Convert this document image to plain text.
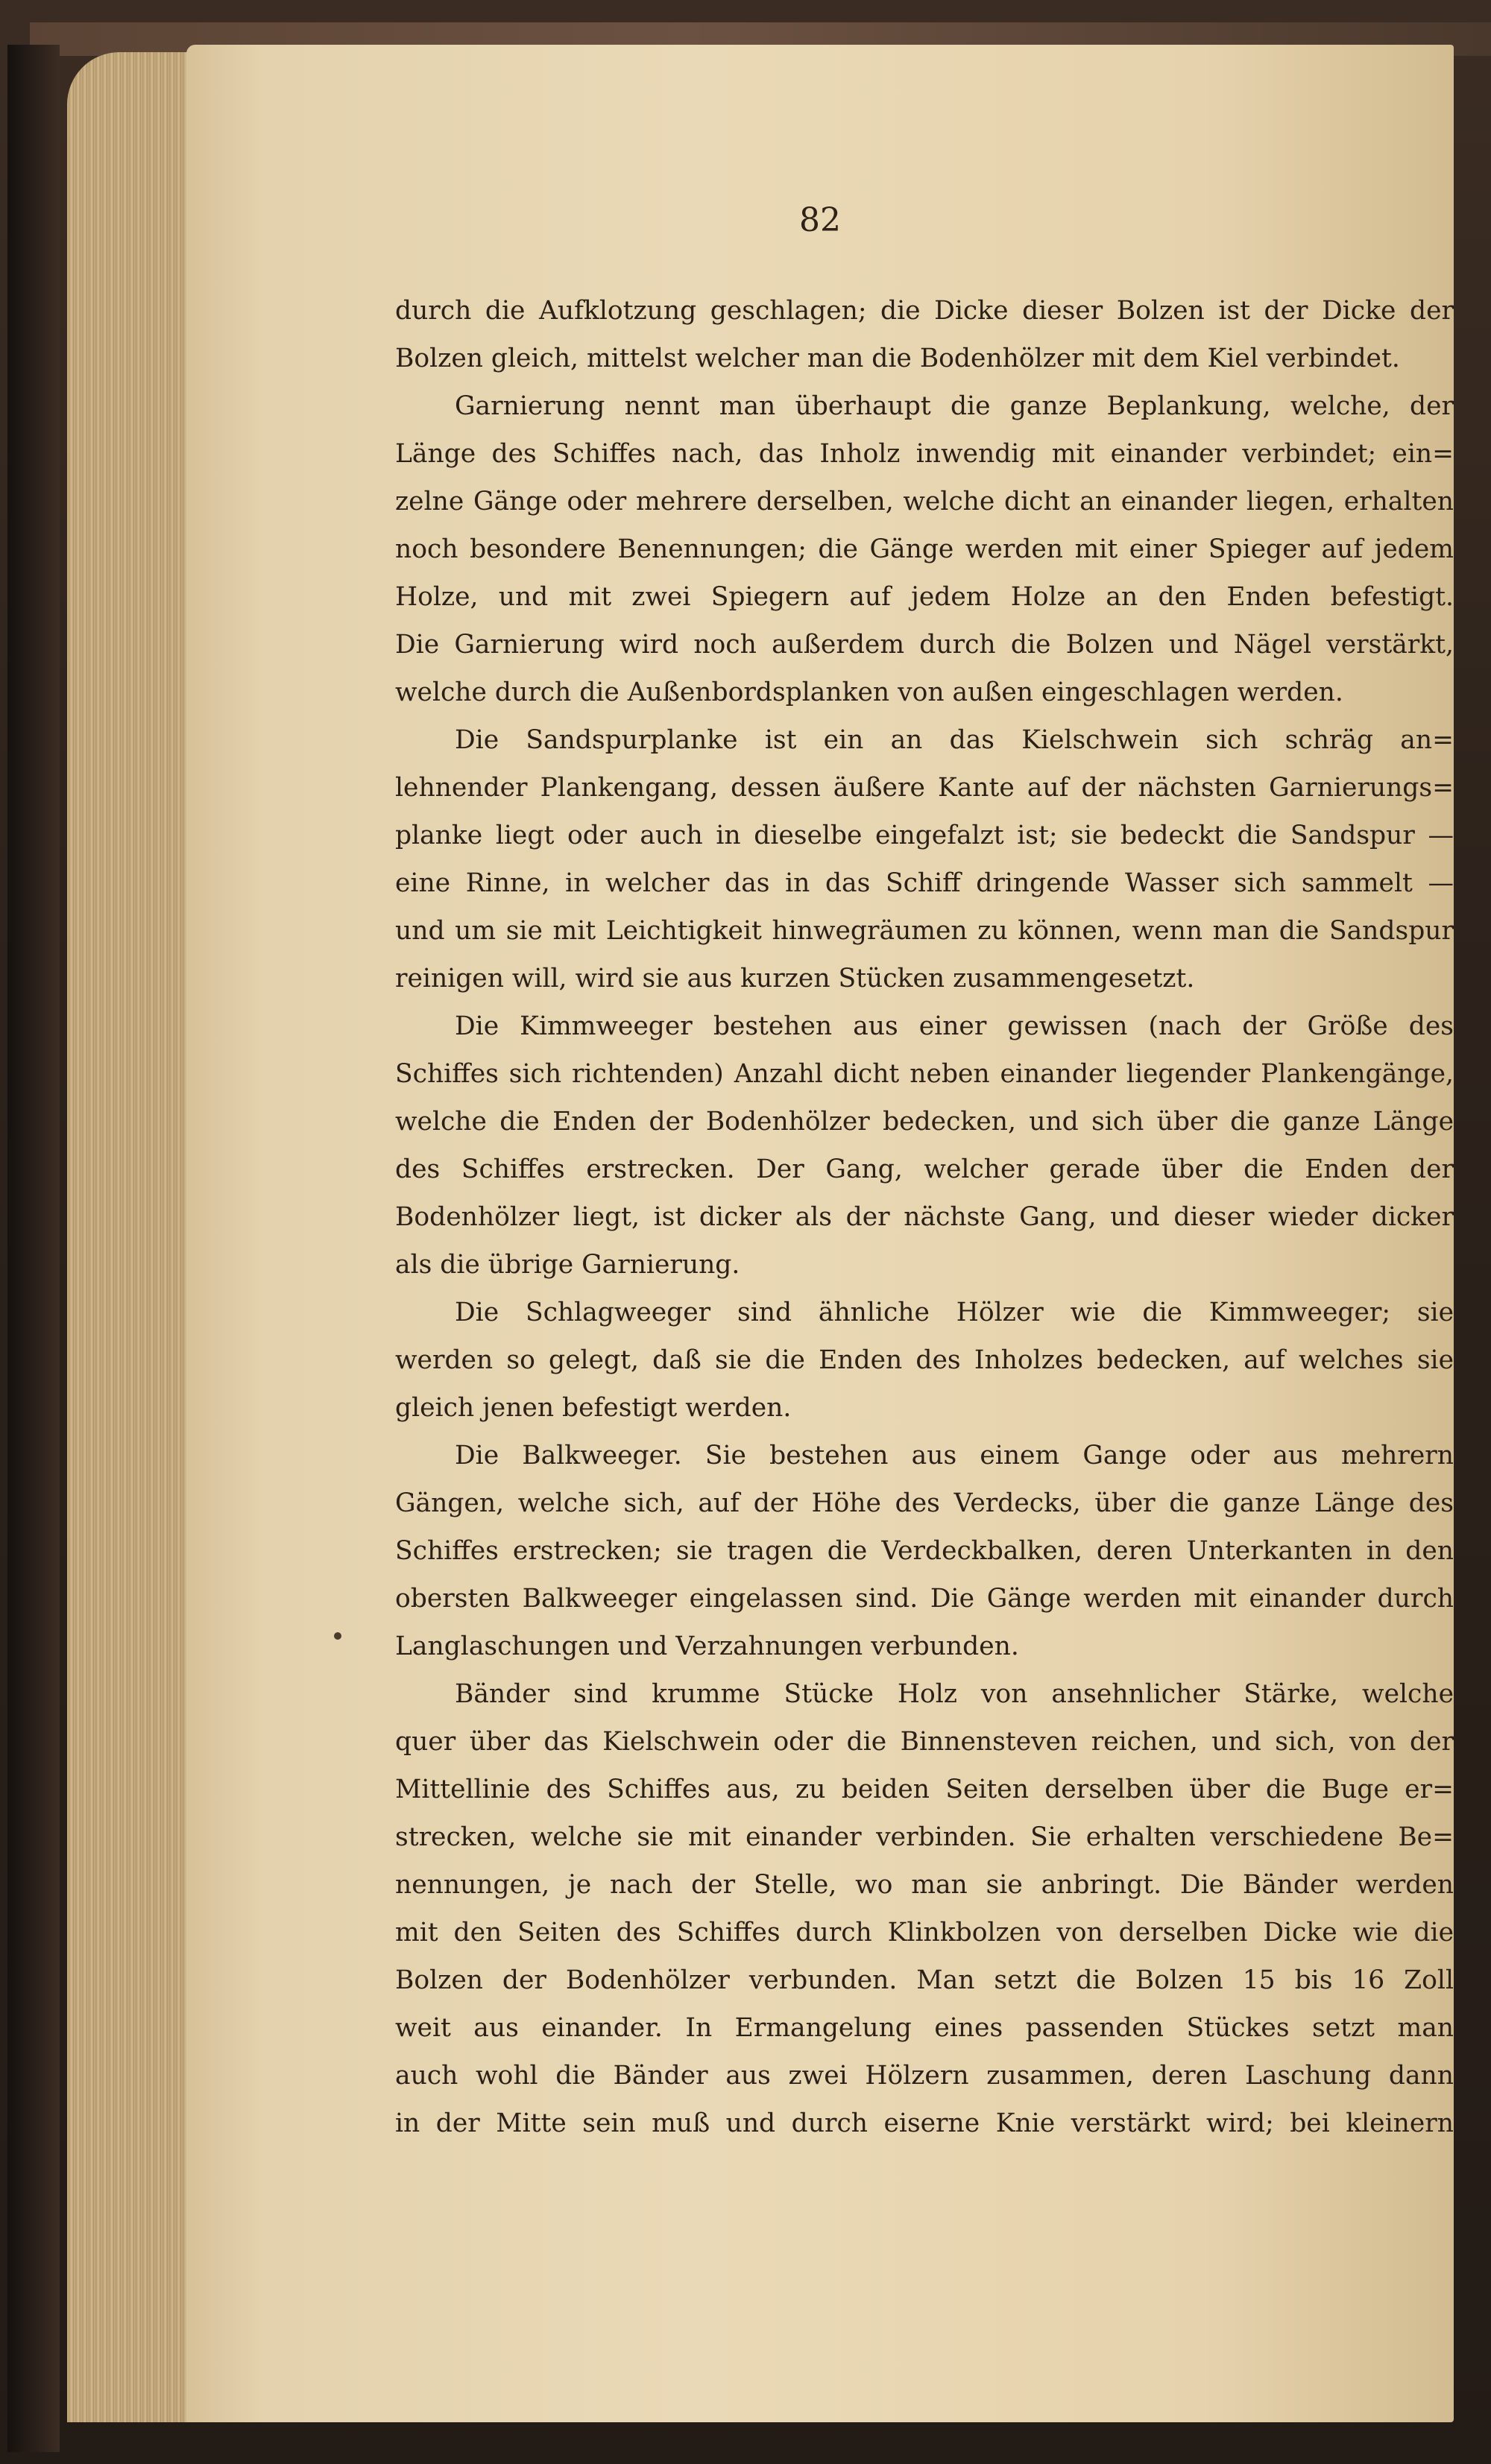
82
durch die Aufklotzung geschlagen; die Dicke dieser Bolzen ist der Dicke der
Bolzen gleich, mittelst welcher man die Bodenhölzer mit dem Kiel verbindet.
Garnierung nennt man überhaupt die ganze Beplankung, welche, der
Länge des Schiffes nach, das Inholz inwendig mit einander verbindet; ein=
zelne Gänge oder mehrere derselben, welche dicht an einander liegen, erhalten
noch besondere Benennungen; die Gänge werden mit einer Spieger auf jedem
Holze, und mit zwei Spiegern auf jedem Holze an den Enden befestigt.
Die Garnierung wird noch außerdem durch die Bolzen und Nägel verstärkt,
welche durch die Außenbordsplanken von außen eingeschlagen werden.
Die Sandspurplanke ist ein an das Kielschwein sich schräg an=
lehnender Plankengang, dessen äußere Kante auf der nächsten Garnierungs=
planke liegt oder auch in dieselbe eingefalzt ist; sie bedeckt die Sandspur —
eine Rinne, in welcher das in das Schiff dringende Wasser sich sammelt —
und um sie mit Leichtigkeit hinwegräumen zu können, wenn man die Sandspur
reinigen will, wird sie aus kurzen Stücken zusammengesetzt.
Die Kimmweeger bestehen aus einer gewissen (nach der Größe des
Schiffes sich richtenden) Anzahl dicht neben einander liegender Plankengänge,
welche die Enden der Bodenhölzer bedecken, und sich über die ganze Länge
des Schiffes erstrecken. Der Gang, welcher gerade über die Enden der
Bodenhölzer liegt, ist dicker als der nächste Gang, und dieser wieder dicker
als die übrige Garnierung.
Die Schlagweeger sind ähnliche Hölzer wie die Kimmweeger; sie
werden so gelegt, daß sie die Enden des Inholzes bedecken, auf welches sie
gleich jenen befestigt werden.
Die Balkweeger. Sie bestehen aus einem Gange oder aus mehrern
Gängen, welche sich, auf der Höhe des Verdecks, über die ganze Länge des
Schiffes erstrecken; sie tragen die Verdeckbalken, deren Unterkanten in den
obersten Balkweeger eingelassen sind. Die Gänge werden mit einander durch
Langlaschungen und Verzahnungen verbunden.
Bänder sind krumme Stücke Holz von ansehnlicher Stärke, welche
quer über das Kielschwein oder die Binnensteven reichen, und sich, von der
Mittellinie des Schiffes aus, zu beiden Seiten derselben über die Buge er=
strecken, welche sie mit einander verbinden. Sie erhalten verschiedene Be=
nennungen, je nach der Stelle, wo man sie anbringt. Die Bänder werden
mit den Seiten des Schiffes durch Klinkbolzen von derselben Dicke wie die
Bolzen der Bodenhölzer verbunden. Man setzt die Bolzen 15 bis 16 Zoll
weit aus einander. In Ermangelung eines passenden Stückes setzt man
auch wohl die Bänder aus zwei Hölzern zusammen, deren Laschung dann
in der Mitte sein muß und durch eiserne Knie verstärkt wird; bei kleinern
